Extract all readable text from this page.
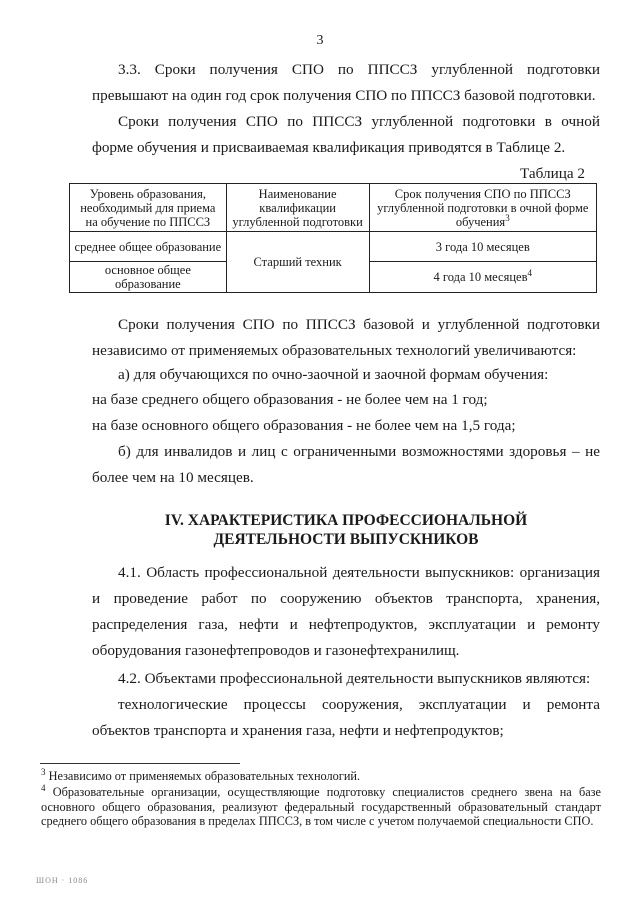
3
3.3. Сроки получения СПО по ППССЗ углубленной подготовки превышают на один год срок получения СПО по ППССЗ базовой подготовки.
Сроки получения СПО по ППССЗ углубленной подготовки в очной форме обучения и присваиваемая квалификация приводятся в Таблице 2.
Таблица 2
Уровень образования, необходимый для приема на обучение по ППССЗ	Наименование квалификации углубленной подготовки	Срок получения СПО по ППССЗ углубленной подготовки в очной форме обучения$^3$
среднее общее образование	Старший техник	3 года 10 месяцев
основное общее образование		4 года 10 месяцев$^4$
Сроки получения СПО по ППССЗ базовой и углубленной подготовки независимо от применяемых образовательных технологий увеличиваются:
а) для обучающихся по очно-заочной и заочной формам обучения:
на базе среднего общего образования - не более чем на 1 год;
на базе основного общего образования - не более чем на 1,5 года;
б) для инвалидов и лиц с ограниченными возможностями здоровья – не более чем на 10 месяцев.
IV. ХАРАКТЕРИСТИКА ПРОФЕССИОНАЛЬНОЙ
ДЕЯТЕЛЬНОСТИ ВЫПУСКНИКОВ
4.1. Область профессиональной деятельности выпускников: организация и проведение работ по сооружению объектов транспорта, хранения, распределения газа, нефти и нефтепродуктов, эксплуатации и ремонту оборудования газонефтепроводов и газонефтехранилищ.
4.2. Объектами профессиональной деятельности выпускников являются:
технологические процессы сооружения, эксплуатации и ремонта объектов транспорта и хранения газа, нефти и нефтепродуктов;
$^3$ Независимо от применяемых образовательных технологий.
$^4$ Образовательные организации, осуществляющие подготовку специалистов среднего звена на базе основного общего образования, реализуют федеральный государственный образовательный стандарт среднего общего образования в пределах ППССЗ, в том числе с учетом получаемой специальности СПО.
ШОН · 1086
